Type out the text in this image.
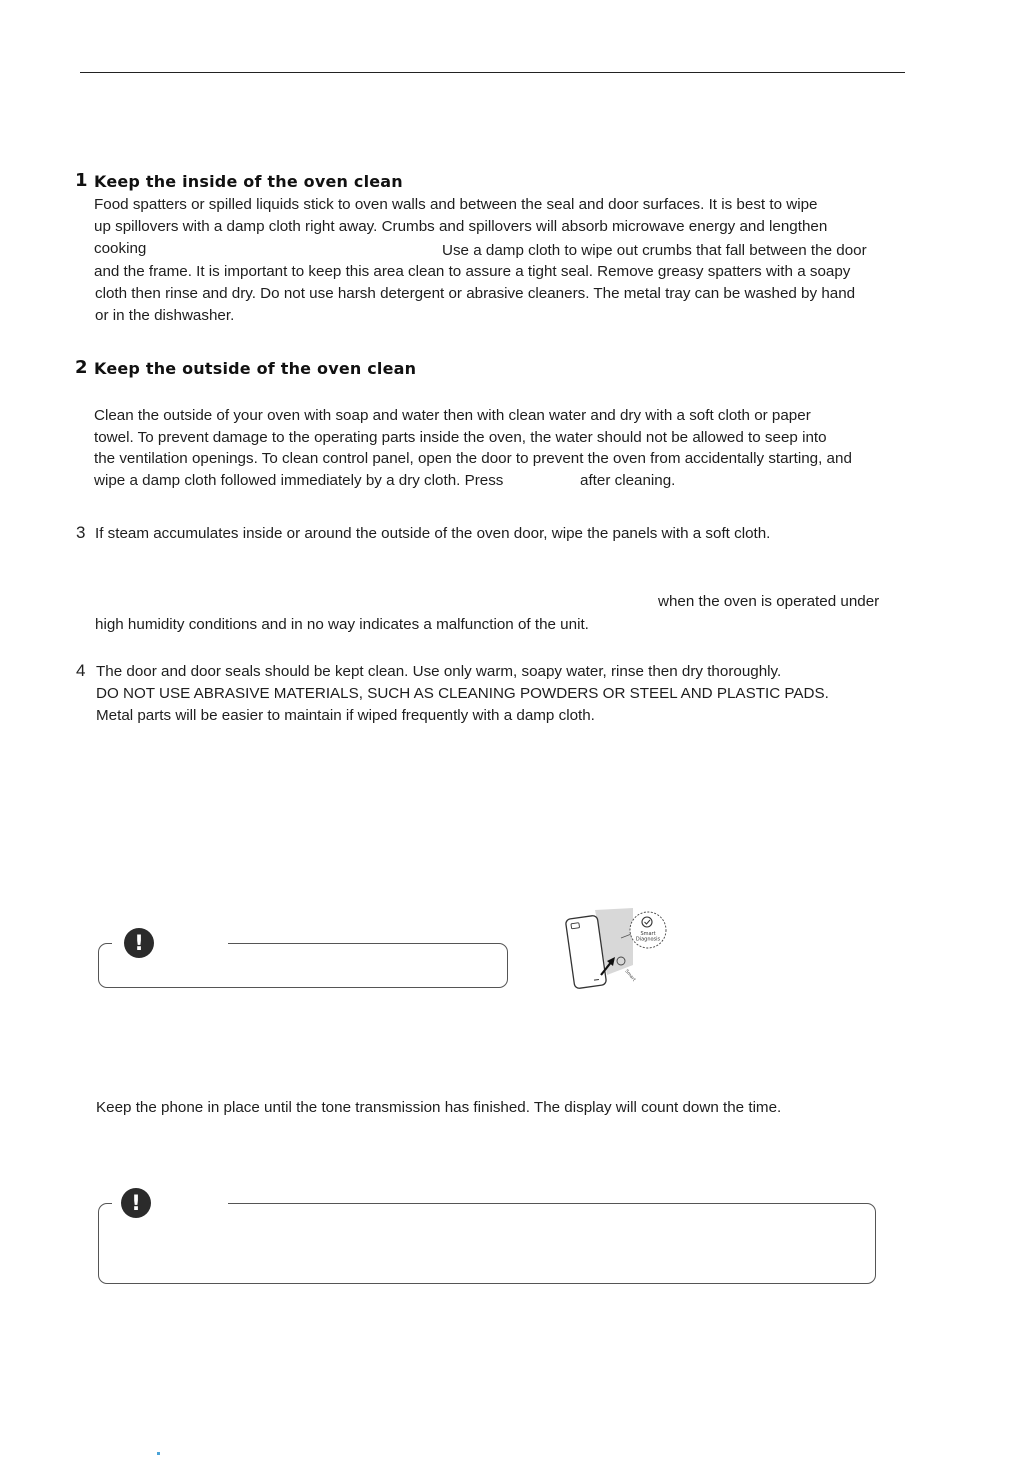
1 Keep the inside of the oven clean
Food spatters or spilled liquids stick to oven walls and between the seal and door surfaces. It is best to wipe
up spillovers with a damp cloth right away. Crumbs and spillovers will absorb microwave energy and lengthen
cooking	Use a damp cloth to wipe out crumbs that fall between the door
and the frame. It is important to keep this area clean to assure a tight seal. Remove greasy spatters with a soapy
cloth then rinse and dry. Do not use harsh detergent or abrasive cleaners. The metal tray can be washed by hand
or in the dishwasher.
2 Keep the outside of the oven clean
Clean the outside of your oven with soap and water then with clean water and dry with a soft cloth or paper
towel. To prevent damage to the operating parts inside the oven, the water should not be allowed to seep into
the ventilation openings. To clean control panel, open the door to prevent the oven from accidentally starting, and
wipe a damp cloth followed immediately by a dry cloth. Press	after cleaning.
3 If steam accumulates inside or around the outside of the oven door, wipe the panels with a soft cloth.
when the oven is operated under
high humidity conditions and in no way indicates a malfunction of the unit.
4 The door and door seals should be kept clean. Use only warm, soapy water, rinse then dry thoroughly.
DO NOT USE ABRASIVE MATERIALS, SUCH AS CLEANING POWDERS OR STEEL AND PLASTIC PADS.
Metal parts will be easier to maintain if wiped frequently with a damp cloth.
!
Smart
Smart
Diagnosis
Keep the phone in place until the tone transmission has finished. The display will count down the time.
!
